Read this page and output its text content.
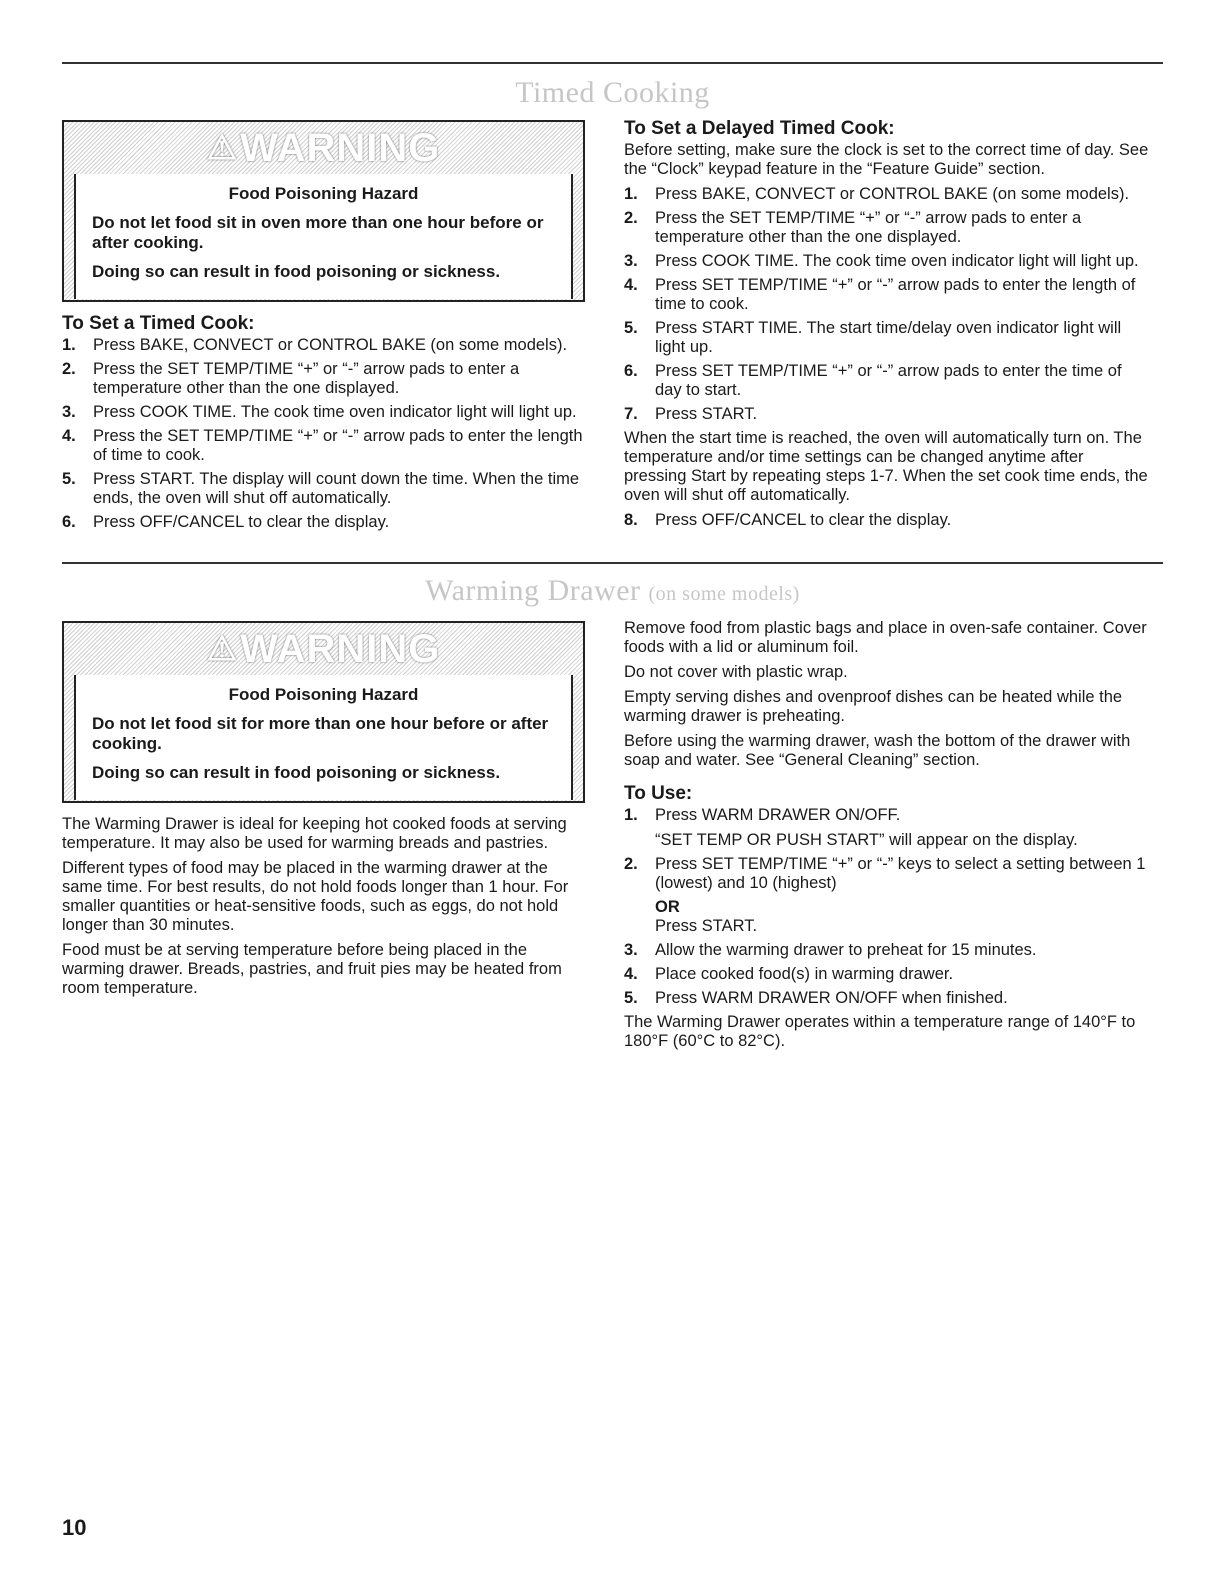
Timed Cooking
⚠WARNING
Food Poisoning Hazard

Do not let food sit in oven more than one hour before or after cooking.

Doing so can result in food poisoning or sickness.

To Set a Timed Cook:
1. Press BAKE, CONVECT or CONTROL BAKE (on some models).
2. Press the SET TEMP/TIME “+” or “-” arrow pads to enter a temperature other than the one displayed.
3. Press COOK TIME. The cook time oven indicator light will light up.
4. Press the SET TEMP/TIME “+” or “-” arrow pads to enter the length of time to cook.
5. Press START. The display will count down the time. When the time ends, the oven will shut off automatically.
6. Press OFF/CANCEL to clear the display.
To Set a Delayed Timed Cook:

Before setting, make sure the clock is set to the correct time of day. See the “Clock” keypad feature in the “Feature Guide” section.

1. Press BAKE, CONVECT or CONTROL BAKE (on some models).
2. Press the SET TEMP/TIME “+” or “-” arrow pads to enter a temperature other than the one displayed.
3. Press COOK TIME. The cook time oven indicator light will light up.
4. Press SET TEMP/TIME “+” or “-” arrow pads to enter the length of time to cook.
5. Press START TIME. The start time/delay oven indicator light will light up.
6. Press SET TEMP/TIME “+” or “-” arrow pads to enter the time of day to start.
7. Press START.

When the start time is reached, the oven will automatically turn on. The temperature and/or time settings can be changed anytime after pressing Start by repeating steps 1-7. When the set cook time ends, the oven will shut off automatically.

8. Press OFF/CANCEL to clear the display.
Warming Drawer (on some models)
⚠WARNING
Food Poisoning Hazard

Do not let food sit for more than one hour before or after cooking.

Doing so can result in food poisoning or sickness.

The Warming Drawer is ideal for keeping hot cooked foods at serving temperature. It may also be used for warming breads and pastries.

Different types of food may be placed in the warming drawer at the same time. For best results, do not hold foods longer than 1 hour. For smaller quantities or heat-sensitive foods, such as eggs, do not hold longer than 30 minutes.

Food must be at serving temperature before being placed in the warming drawer. Breads, pastries, and fruit pies may be heated from room temperature.

Remove food from plastic bags and place in oven-safe container. Cover foods with a lid or aluminum foil.

Do not cover with plastic wrap.

Empty serving dishes and ovenproof dishes can be heated while the warming drawer is preheating.

Before using the warming drawer, wash the bottom of the drawer with soap and water. See “General Cleaning” section.

To Use:
1. Press WARM DRAWER ON/OFF.
“SET TEMP OR PUSH START” will appear on the display.
2. Press SET TEMP/TIME “+” or “-” keys to select a setting between 1 (lowest) and 10 (highest)
OR
Press START.
3. Allow the warming drawer to preheat for 15 minutes.
4. Place cooked food(s) in warming drawer.
5. Press WARM DRAWER ON/OFF when finished.

The Warming Drawer operates within a temperature range of 140°F to 180°F (60°C to 82°C).

10
